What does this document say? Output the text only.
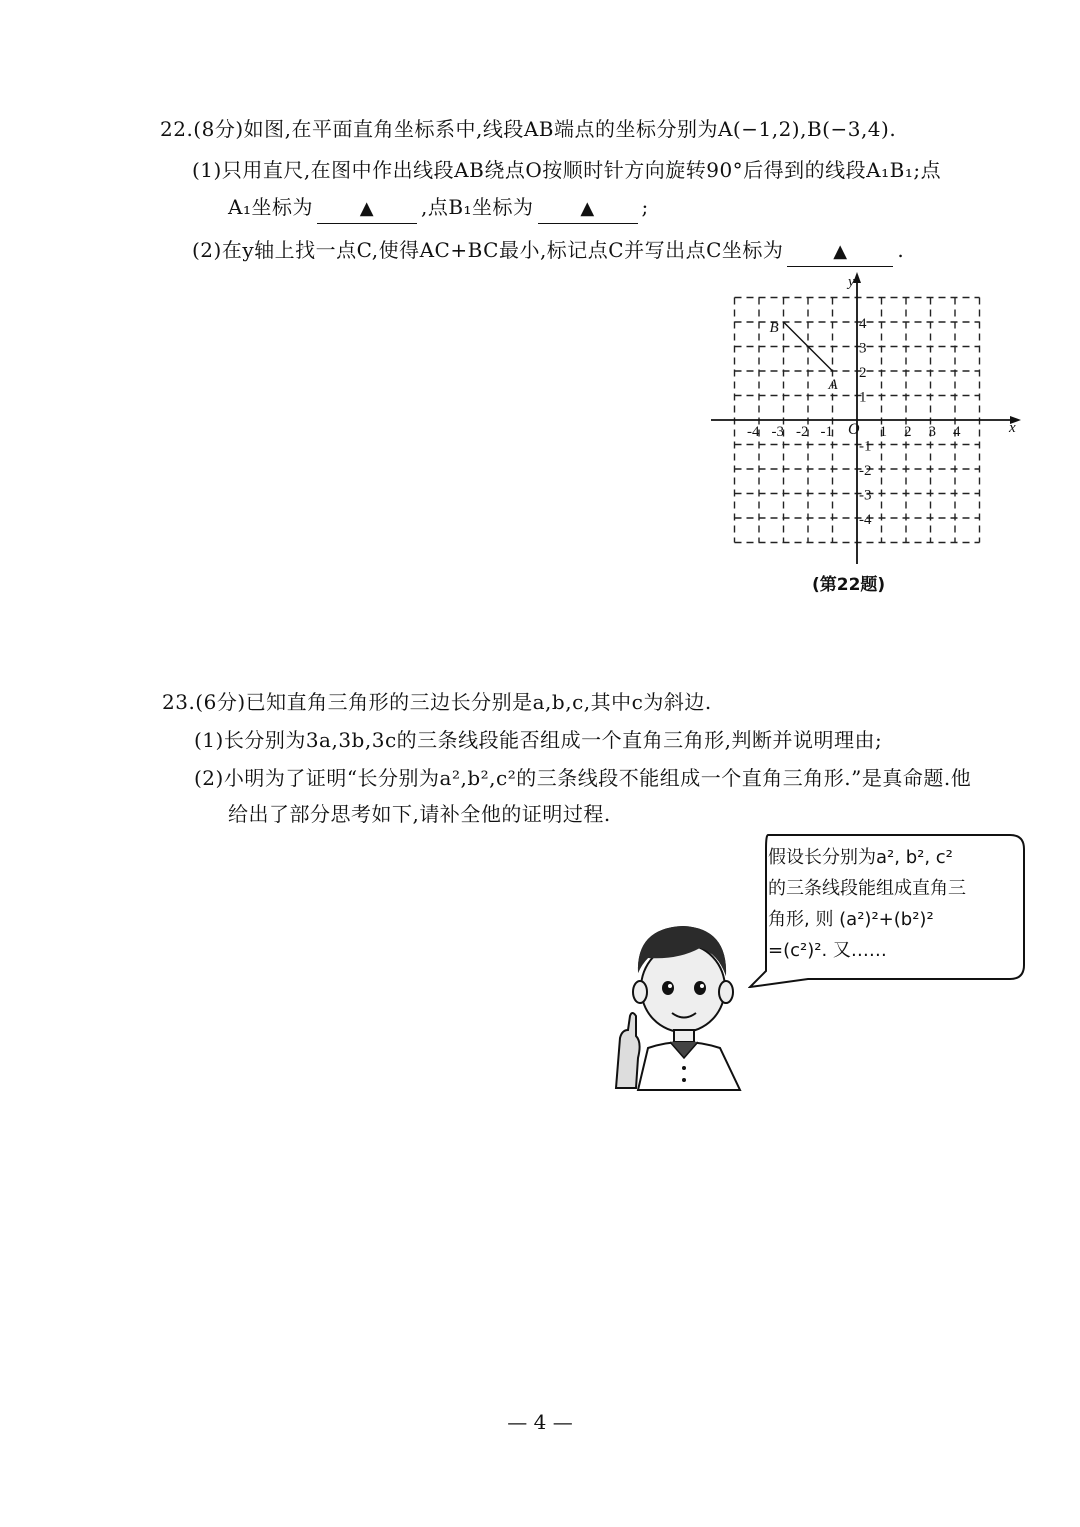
22.(8分)如图,在平面直角坐标系中,线段AB端点的坐标分别为A(−1,2),B(−3,4).
(1)只用直尺,在图中作出线段AB绕点O按顺时针方向旋转90°后得到的线段A₁B₁;点
A₁坐标为	▲ ,点B₁坐标为	▲ ;
(2)在y轴上找一点C,使得AC+BC最小,标记点C并写出点C坐标为	▲ .
A
B
x
y
O
-4 -3 -2 -1	1 2 3 4
4
3
2
1
-1
-2
-3
-4
(第22题)
23.(6分)已知直角三角形的三边长分别是a,b,c,其中c为斜边.
(1)长分别为3a,3b,3c的三条线段能否组成一个直角三角形,判断并说明理由;
(2)小明为了证明“长分别为a²,b²,c²的三条线段不能组成一个直角三角形.”是真命题.他
给出了部分思考如下,请补全他的证明过程.
假设长分别为a², b², c²
的三条线段能组成直角三
角形, 则 (a²)²+(b²)²
=(c²)². 又……
— 4 —
